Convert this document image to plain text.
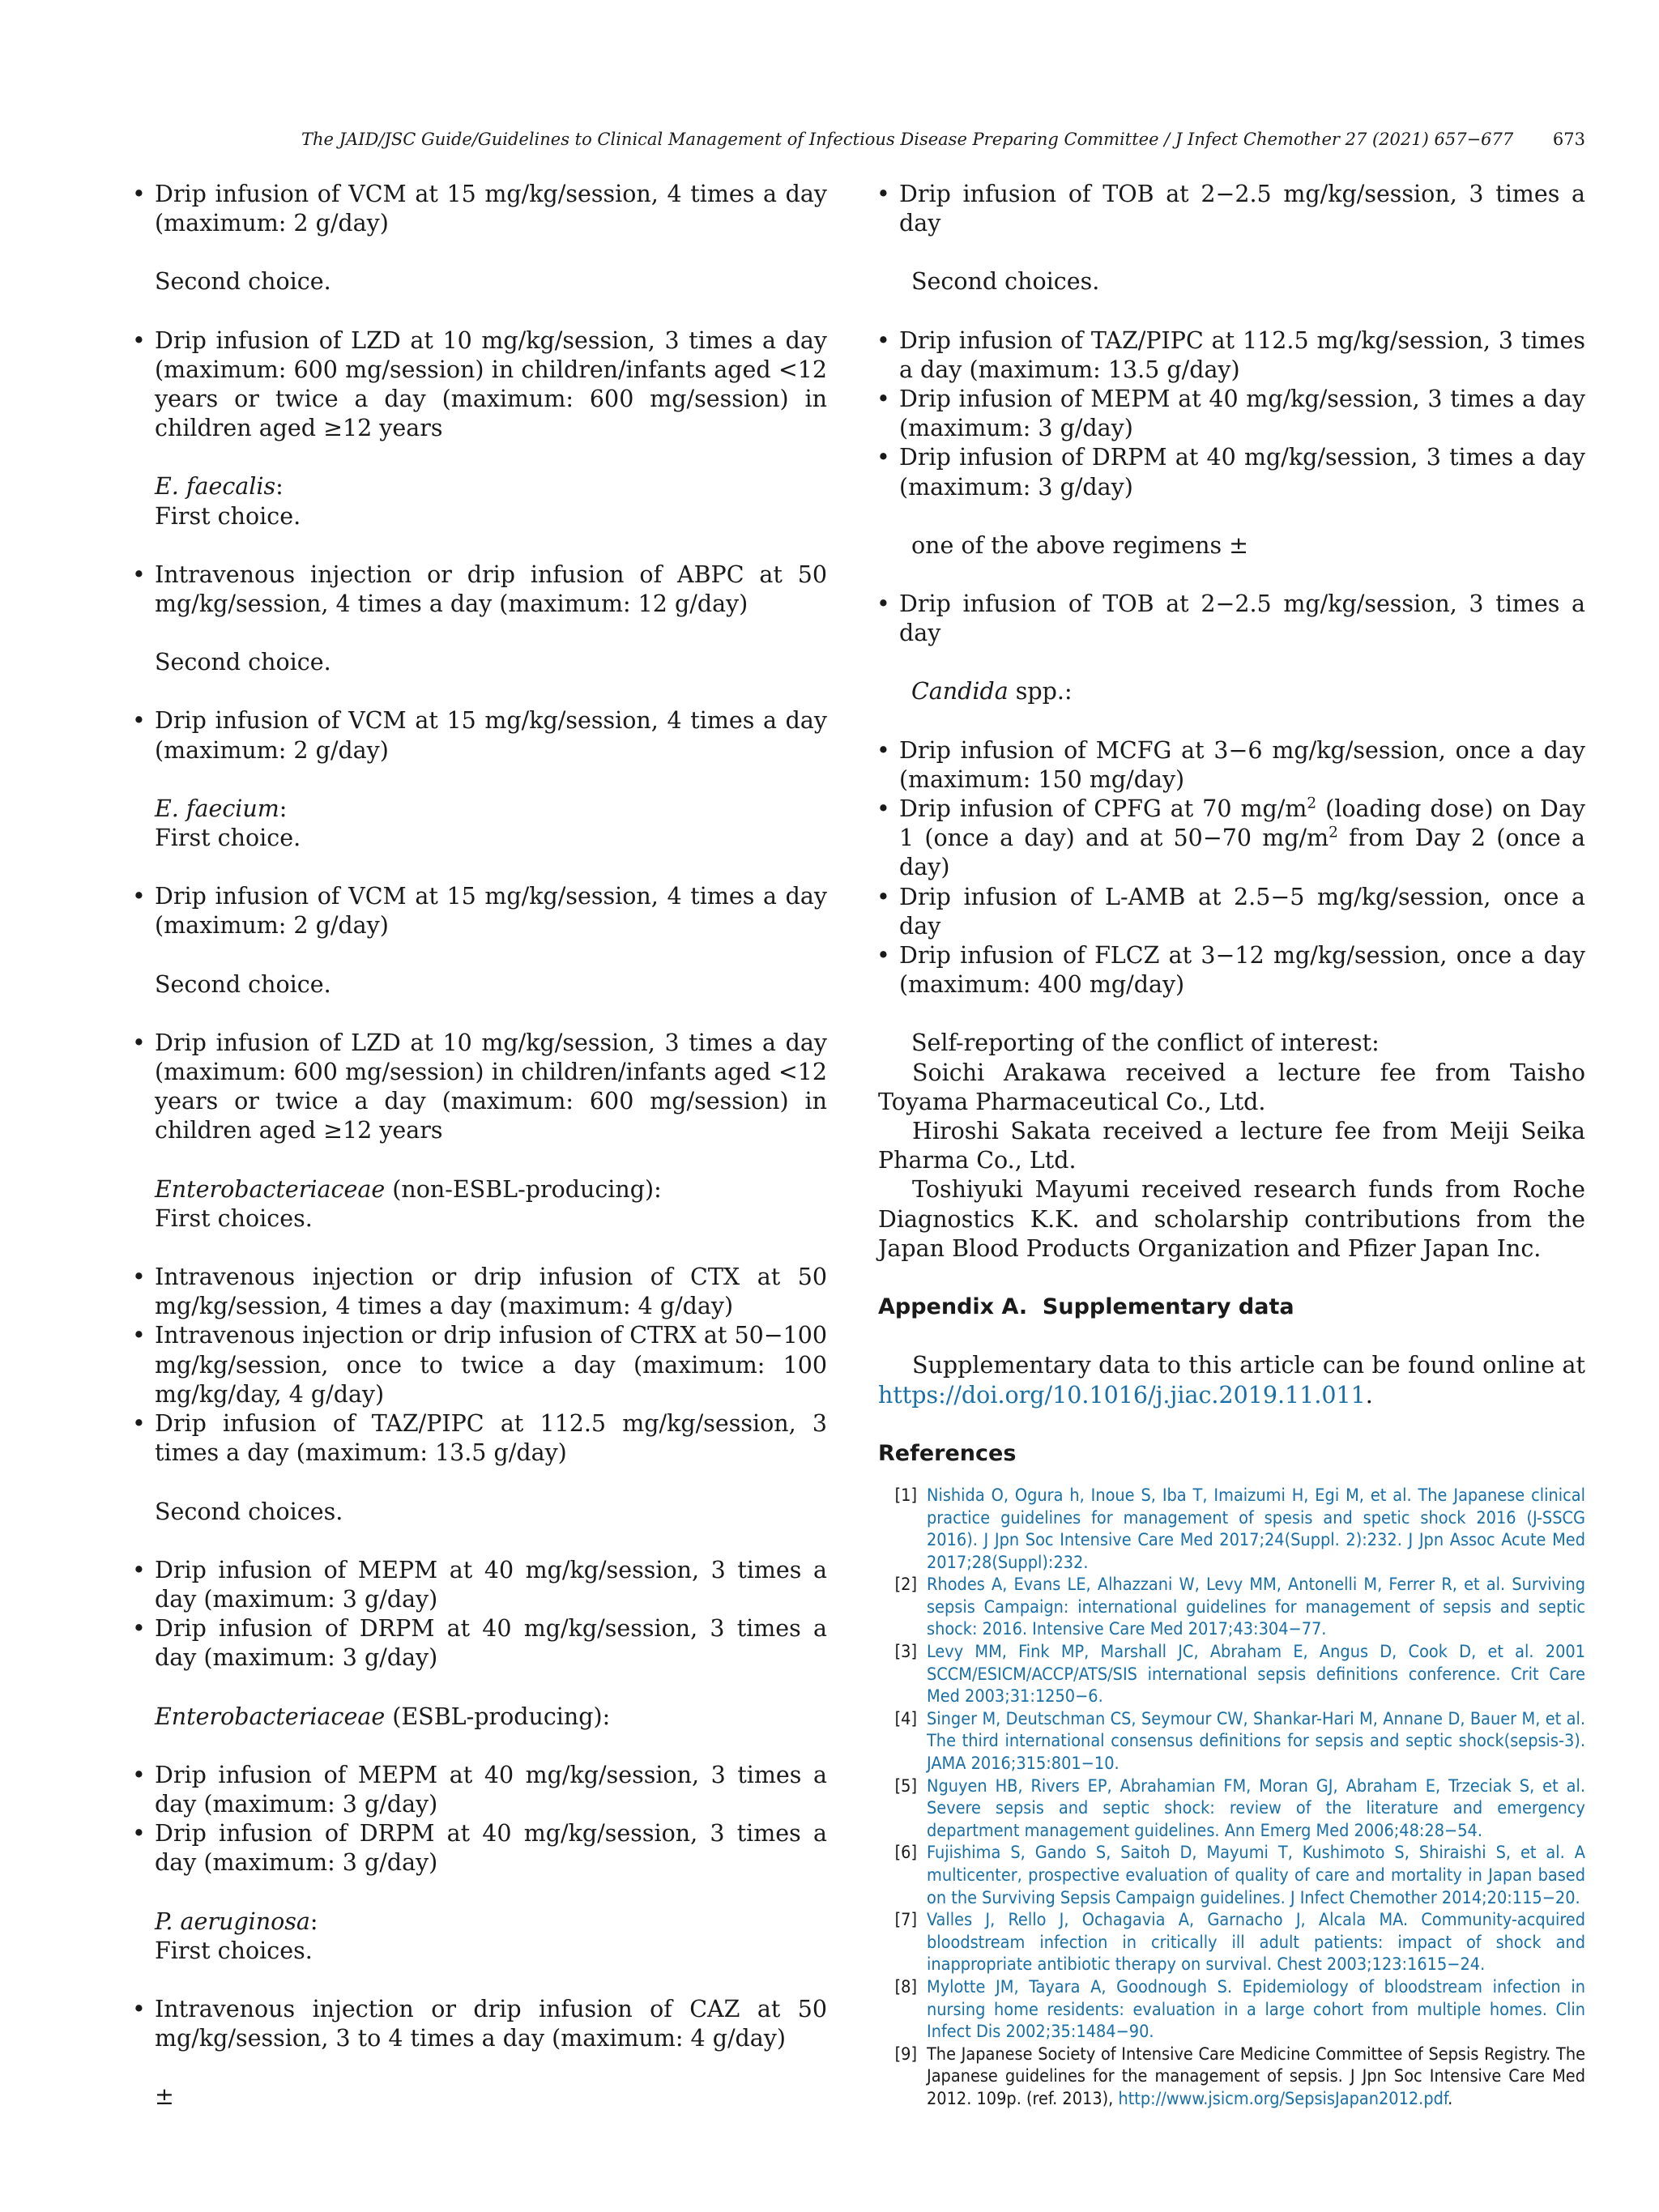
The JAID/JSC Guide/Guidelines to Clinical Management of Infectious Disease Preparing Committee / J Infect Chemother 27 (2021) 657−677 673

• Drip infusion of VCM at 15 mg/kg/session, 4 times a day (maximum: 2 g/day)

Second choice.

• Drip infusion of LZD at 10 mg/kg/session, 3 times a day (maximum: 600 mg/session) in children/infants aged <12 years or twice a day (maximum: 600 mg/session) in children aged ≥12 years

E. faecalis:

First choice.

• Intravenous injection or drip infusion of ABPC at 50 mg/kg/session, 4 times a day (maximum: 12 g/day)

Second choice.

• Drip infusion of VCM at 15 mg/kg/session, 4 times a day (maximum: 2 g/day)

E. faecium:

First choice.

• Drip infusion of VCM at 15 mg/kg/session, 4 times a day (maximum: 2 g/day)

Second choice.

• Drip infusion of LZD at 10 mg/kg/session, 3 times a day (maximum: 600 mg/session) in children/infants aged <12 years or twice a day (maximum: 600 mg/session) in children aged ≥12 years

Enterobacteriaceae (non-ESBL-producing):

First choices.

• Intravenous injection or drip infusion of CTX at 50 mg/kg/session, 4 times a day (maximum: 4 g/day)

• Intravenous injection or drip infusion of CTRX at 50−100 mg/kg/session, once to twice a day (maximum: 100 mg/kg/day, 4 g/day)

• Drip infusion of TAZ/PIPC at 112.5 mg/kg/session, 3 times a day (maximum: 13.5 g/day)

Second choices.

• Drip infusion of MEPM at 40 mg/kg/session, 3 times a day (maximum: 3 g/day)

• Drip infusion of DRPM at 40 mg/kg/session, 3 times a day (maximum: 3 g/day)

Enterobacteriaceae (ESBL-producing):

• Drip infusion of MEPM at 40 mg/kg/session, 3 times a day (maximum: 3 g/day)

• Drip infusion of DRPM at 40 mg/kg/session, 3 times a day (maximum: 3 g/day)

P. aeruginosa:

First choices.

• Intravenous injection or drip infusion of CAZ at 50 mg/kg/session, 3 to 4 times a day (maximum: 4 g/day)

±

• Drip infusion of TOB at 2−2.5 mg/kg/session, 3 times a day

Second choices.

• Drip infusion of TAZ/PIPC at 112.5 mg/kg/session, 3 times a day (maximum: 13.5 g/day)

• Drip infusion of MEPM at 40 mg/kg/session, 3 times a day (maximum: 3 g/day)

• Drip infusion of DRPM at 40 mg/kg/session, 3 times a day (maximum: 3 g/day)

one of the above regimens ±

• Drip infusion of TOB at 2−2.5 mg/kg/session, 3 times a day

Candida spp.:

• Drip infusion of MCFG at 3−6 mg/kg/session, once a day (maximum: 150 mg/day)

• Drip infusion of CPFG at 70 $mg/m^2$ (loading dose) on Day 1 (once a day) and at 50−70 $mg/m^2$ from Day 2 (once a day)

• Drip infusion of L-AMB at 2.5−5 mg/kg/session, once a day

• Drip infusion of FLCZ at 3−12 mg/kg/session, once a day (maximum: 400 mg/day)

Self-reporting of the conflict of interest:

Soichi Arakawa received a lecture fee from Taisho Toyama Pharmaceutical Co., Ltd.

Hiroshi Sakata received a lecture fee from Meiji Seika Pharma Co., Ltd.

Toshiyuki Mayumi received research funds from Roche Diagnostics K.K. and scholarship contributions from the Japan Blood Products Organization and Pfizer Japan Inc.

Appendix A.  Supplementary data

Supplementary data to this article can be found online at https://doi.org/10.1016/j.jiac.2019.11.011.

References

[1] Nishida O, Ogura h, Inoue S, Iba T, Imaizumi H, Egi M, et al. The Japanese clinical practice guidelines for management of spesis and spetic shock 2016 (J-SSCG 2016). J Jpn Soc Intensive Care Med 2017;24(Suppl. 2):232. J Jpn Assoc Acute Med 2017;28(Suppl):232.
[2] Rhodes A, Evans LE, Alhazzani W, Levy MM, Antonelli M, Ferrer R, et al. Surviving sepsis Campaign: international guidelines for management of sepsis and septic shock: 2016. Intensive Care Med 2017;43:304−77.
[3] Levy MM, Fink MP, Marshall JC, Abraham E, Angus D, Cook D, et al. 2001 SCCM/ESICM/ACCP/ATS/SIS international sepsis definitions conference. Crit Care Med 2003;31:1250−6.
[4] Singer M, Deutschman CS, Seymour CW, Shankar-Hari M, Annane D, Bauer M, et al. The third international consensus definitions for sepsis and septic shock(sepsis-3). JAMA 2016;315:801−10.
[5] Nguyen HB, Rivers EP, Abrahamian FM, Moran GJ, Abraham E, Trzeciak S, et al. Severe sepsis and septic shock: review of the literature and emergency department management guidelines. Ann Emerg Med 2006;48:28−54.
[6] Fujishima S, Gando S, Saitoh D, Mayumi T, Kushimoto S, Shiraishi S, et al. A multicenter, prospective evaluation of quality of care and mortality in Japan based on the Surviving Sepsis Campaign guidelines. J Infect Chemother 2014;20:115−20.
[7] Valles J, Rello J, Ochagavia A, Garnacho J, Alcala MA. Community-acquired bloodstream infection in critically ill adult patients: impact of shock and inappropriate antibiotic therapy on survival. Chest 2003;123:1615−24.
[8] Mylotte JM, Tayara A, Goodnough S. Epidemiology of bloodstream infection in nursing home residents: evaluation in a large cohort from multiple homes. Clin Infect Dis 2002;35:1484−90.
[9] The Japanese Society of Intensive Care Medicine Committee of Sepsis Registry. The Japanese guidelines for the management of sepsis. J Jpn Soc Intensive Care Med 2012. 109p. (ref. 2013), http://www.jsicm.org/SepsisJapan2012.pdf.
